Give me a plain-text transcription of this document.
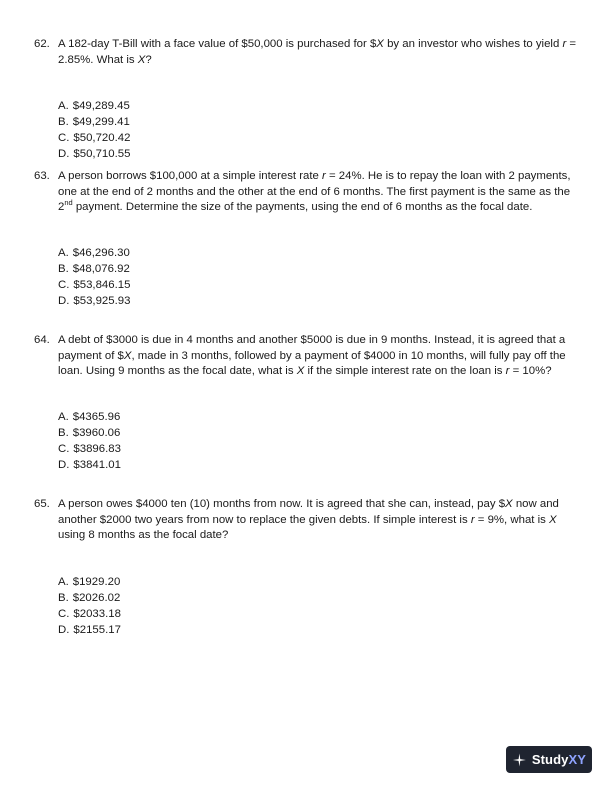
62. A 182-day T-Bill with a face value of $50,000 is purchased for $X by an investor who wishes to yield r = 2.85%. What is X?

A. $49,289.45
B. $49,299.41
C. $50,720.42
D. $50,710.55
63. A person borrows $100,000 at a simple interest rate r = 24%. He is to repay the loan with 2 payments, one at the end of 2 months and the other at the end of 6 months. The first payment is the same as the 2nd payment. Determine the size of the payments, using the end of 6 months as the focal date.

A. $46,296.30
B. $48,076.92
C. $53,846.15
D. $53,925.93
64. A debt of $3000 is due in 4 months and another $5000 is due in 9 months. Instead, it is agreed that a payment of $X, made in 3 months, followed by a payment of $4000 in 10 months, will fully pay off the loan. Using 9 months as the focal date, what is X if the simple interest rate on the loan is r = 10%?

A. $4365.96
B. $3960.06
C. $3896.83
D. $3841.01
65. A person owes $4000 ten (10) months from now. It is agreed that she can, instead, pay $X now and another $2000 two years from now to replace the given debts. If simple interest is r = 9%, what is X using 8 months as the focal date?

A. $1929.20
B. $2026.02
C. $2033.18
D. $2155.17
StudyXY
